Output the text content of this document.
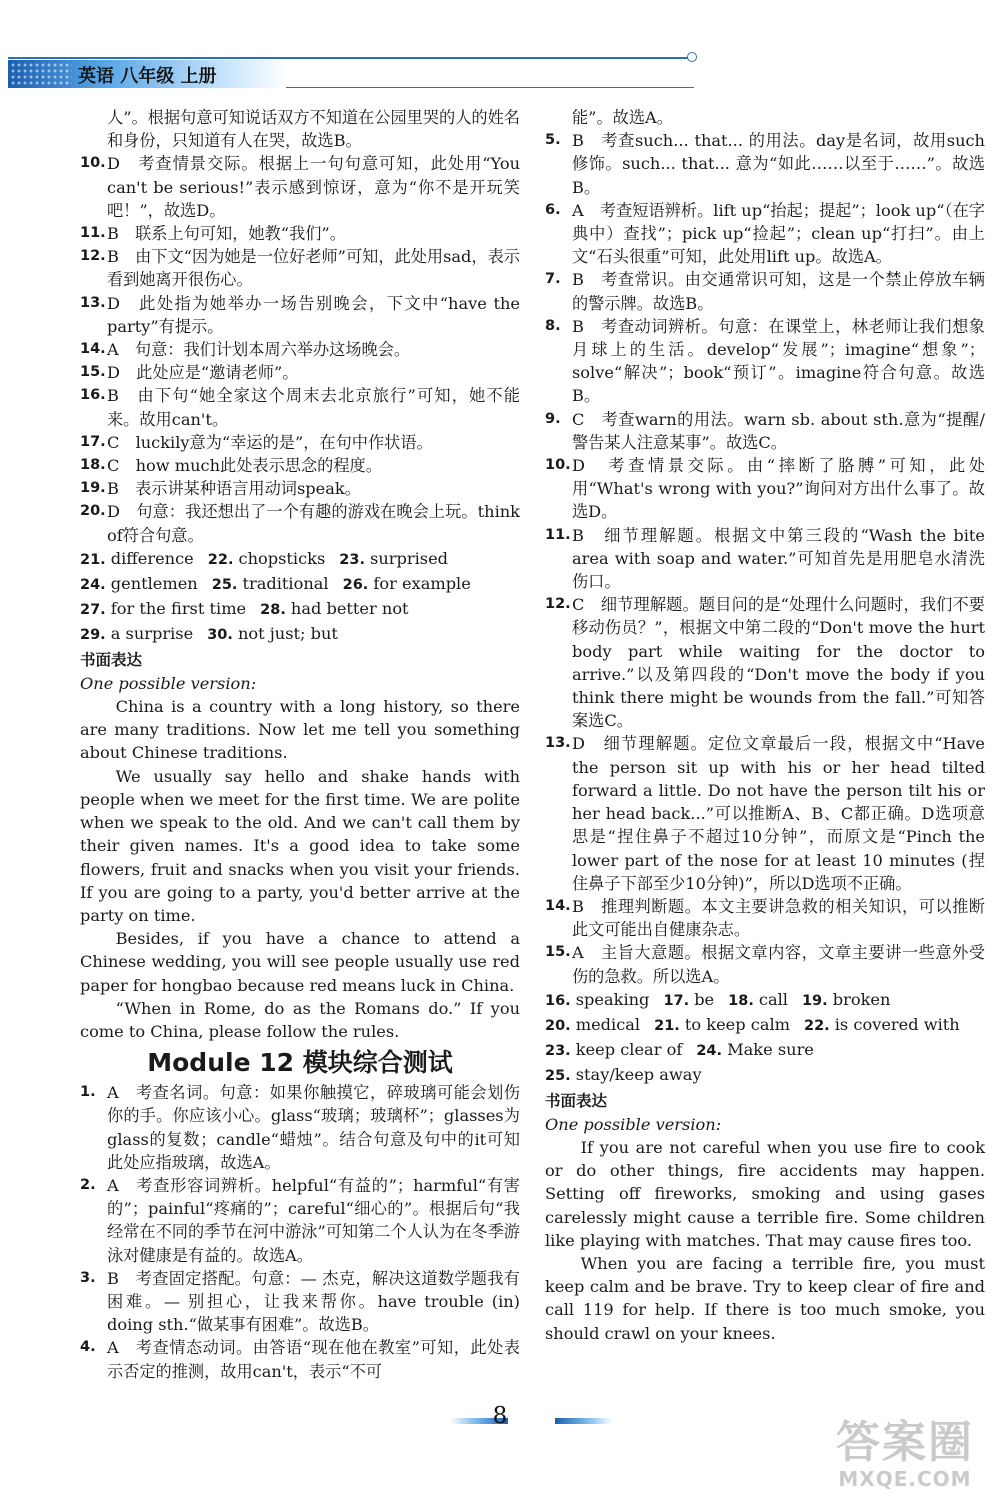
英语 八年级 上册
人”。根据句意可知说话双方不知道在公园里哭的人的姓名和身份，只知道有人在哭，故选B。
10. D　考查情景交际。根据上一句句意可知，此处用“You can't be serious!”表示感到惊讶，意为“你不是开玩笑吧！”，故选D。
11. B　联系上句可知，她教“我们”。
12. B　由下文“因为她是一位好老师”可知，此处用sad，表示看到她离开很伤心。
13. D　此处指为她举办一场告别晚会，下文中“have the party”有提示。
14. A　句意：我们计划本周六举办这场晚会。
15. D　此处应是“邀请老师”。
16. B　由下句“她全家这个周末去北京旅行”可知，她不能来。故用can't。
17. C　luckily意为“幸运的是”，在句中作状语。
18. C　how much此处表示思念的程度。
19. B　表示讲某种语言用动词speak。
20. D　句意：我还想出了一个有趣的游戏在晚会上玩。think of符合句意。
21. difference 22. chopsticks 23. surprised
24. gentlemen 25. traditional 26. for example
27. for the first time 28. had better not
29. a surprise 30. not just; but
书面表达
One possible version:
China is a country with a long history, so there are many traditions. Now let me tell you something about Chinese traditions.
We usually say hello and shake hands with people when we meet for the first time. We are polite when we speak to the old. And we can't call them by their given names. It's a good idea to take some flowers, fruit and snacks when you visit your friends. If you are going to a party, you'd better arrive at the party on time.
Besides, if you have a chance to attend a Chinese wedding, you will see people usually use red paper for hongbao because red means luck in China.
“When in Rome, do as the Romans do.” If you come to China, please follow the rules.
Module 12 模块综合测试
1. A　考查名词。句意：如果你触摸它，碎玻璃可能会划伤你的手。你应该小心。glass“玻璃；玻璃杯”；glasses为glass的复数；candle“蜡烛”。结合句意及句中的it可知此处应指玻璃，故选A。
2. A　考查形容词辨析。helpful“有益的”；harmful“有害的”；painful“疼痛的”；careful“细心的”。根据后句“我经常在不同的季节在河中游泳”可知第二个人认为在冬季游泳对健康是有益的。故选A。
3. B　考查固定搭配。句意：— 杰克，解决这道数学题我有困难。— 别担心，让我来帮你。have trouble (in) doing sth.“做某事有困难”。故选B。
4. A　考查情态动词。由答语“现在他在教室”可知，此处表示否定的推测，故用can't，表示“不可
能”。故选A。
5. B　考查such... that... 的用法。day是名词，故用such修饰。such... that... 意为“如此……以至于……”。故选B。
6. A　考查短语辨析。lift up“抬起；提起”；look up“（在字典中）查找”；pick up“捡起”；clean up“打扫”。由上文“石头很重”可知，此处用lift up。故选A。
7. B　考查常识。由交通常识可知，这是一个禁止停放车辆的警示牌。故选B。
8. B　考查动词辨析。句意：在课堂上，林老师让我们想象月球上的生活。develop“发展”；imagine“想象”；solve“解决”；book“预订”。imagine符合句意。故选B。
9. C　考查warn的用法。warn sb. about sth.意为“提醒/警告某人注意某事”。故选C。
10. D　考查情景交际。由“摔断了胳膊”可知，此处用“What's wrong with you?”询问对方出什么事了。故选D。
11. B　细节理解题。根据文中第三段的“Wash the bite area with soap and water.”可知首先是用肥皂水清洗伤口。
12. C　细节理解题。题目问的是“处理什么问题时，我们不要移动伤员？”，根据文中第二段的“Don't move the hurt body part while waiting for the doctor to arrive.”以及第四段的“Don't move the body if you think there might be wounds from the fall.”可知答案选C。
13. D　细节理解题。定位文章最后一段，根据文中“Have the person sit up with his or her head tilted forward a little. Do not have the person tilt his or her head back...”可以推断A、B、C都正确。D选项意思是“捏住鼻子不超过10分钟”，而原文是“Pinch the lower part of the nose for at least 10 minutes (捏住鼻子下部至少10分钟)”，所以D选项不正确。
14. B　推理判断题。本文主要讲急救的相关知识，可以推断此文可能出自健康杂志。
15. A　主旨大意题。根据文章内容，文章主要讲一些意外受伤的急救。所以选A。
16. speaking 17. be 18. call 19. broken
20. medical 21. to keep calm 22. is covered with
23. keep clear of 24. Make sure
25. stay/keep away
书面表达
One possible version:
If you are not careful when you use fire to cook or do other things, fire accidents may happen. Setting off fireworks, smoking and using gases carelessly might cause a terrible fire. Some children like playing with matches. That may cause fires too.
When you are facing a terrible fire, you must keep calm and be brave. Try to keep clear of fire and call 119 for help. If there is too much smoke, you should crawl on your knees.
8
答案圈
MXQE.COM
